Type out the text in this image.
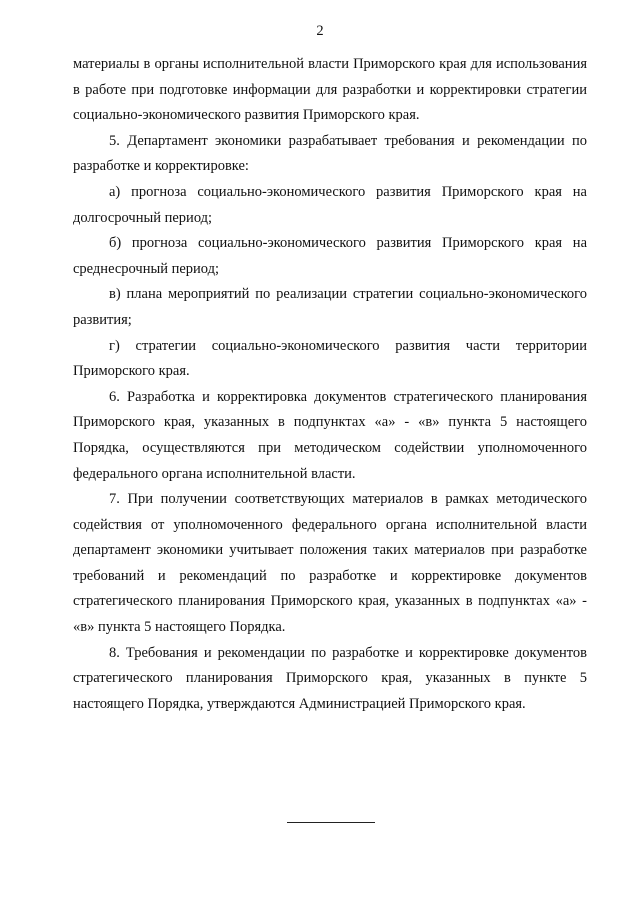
2

материалы в органы исполнительной власти Приморского края для использования в работе при подготовке информации для разработки и корректировки стратегии социально-экономического развития Приморского края.

5. Департамент экономики разрабатывает требования и рекомендации по разработке и корректировке:

а) прогноза социально-экономического развития Приморского края на долгосрочный период;

б) прогноза социально-экономического развития Приморского края на среднесрочный период;

в) плана мероприятий по реализации стратегии социально-экономического развития;

г) стратегии социально-экономического развития части территории Приморского края.

6. Разработка и корректировка документов стратегического планирования Приморского края, указанных в подпунктах «а» - «в» пункта 5 настоящего Порядка, осуществляются при методическом содействии уполномоченного федерального органа исполнительной власти.

7. При получении соответствующих материалов в рамках методического содействия от уполномоченного федерального органа исполнительной власти департамент экономики учитывает положения таких материалов при разработке требований и рекомендаций по разработке и корректировке документов стратегического планирования Приморского края, указанных в подпунктах «а» - «в» пункта 5 настоящего Порядка.

8. Требования и рекомендации по разработке и корректировке документов стратегического планирования Приморского края, указанных в пункте 5 настоящего Порядка, утверждаются Администрацией Приморского края.
